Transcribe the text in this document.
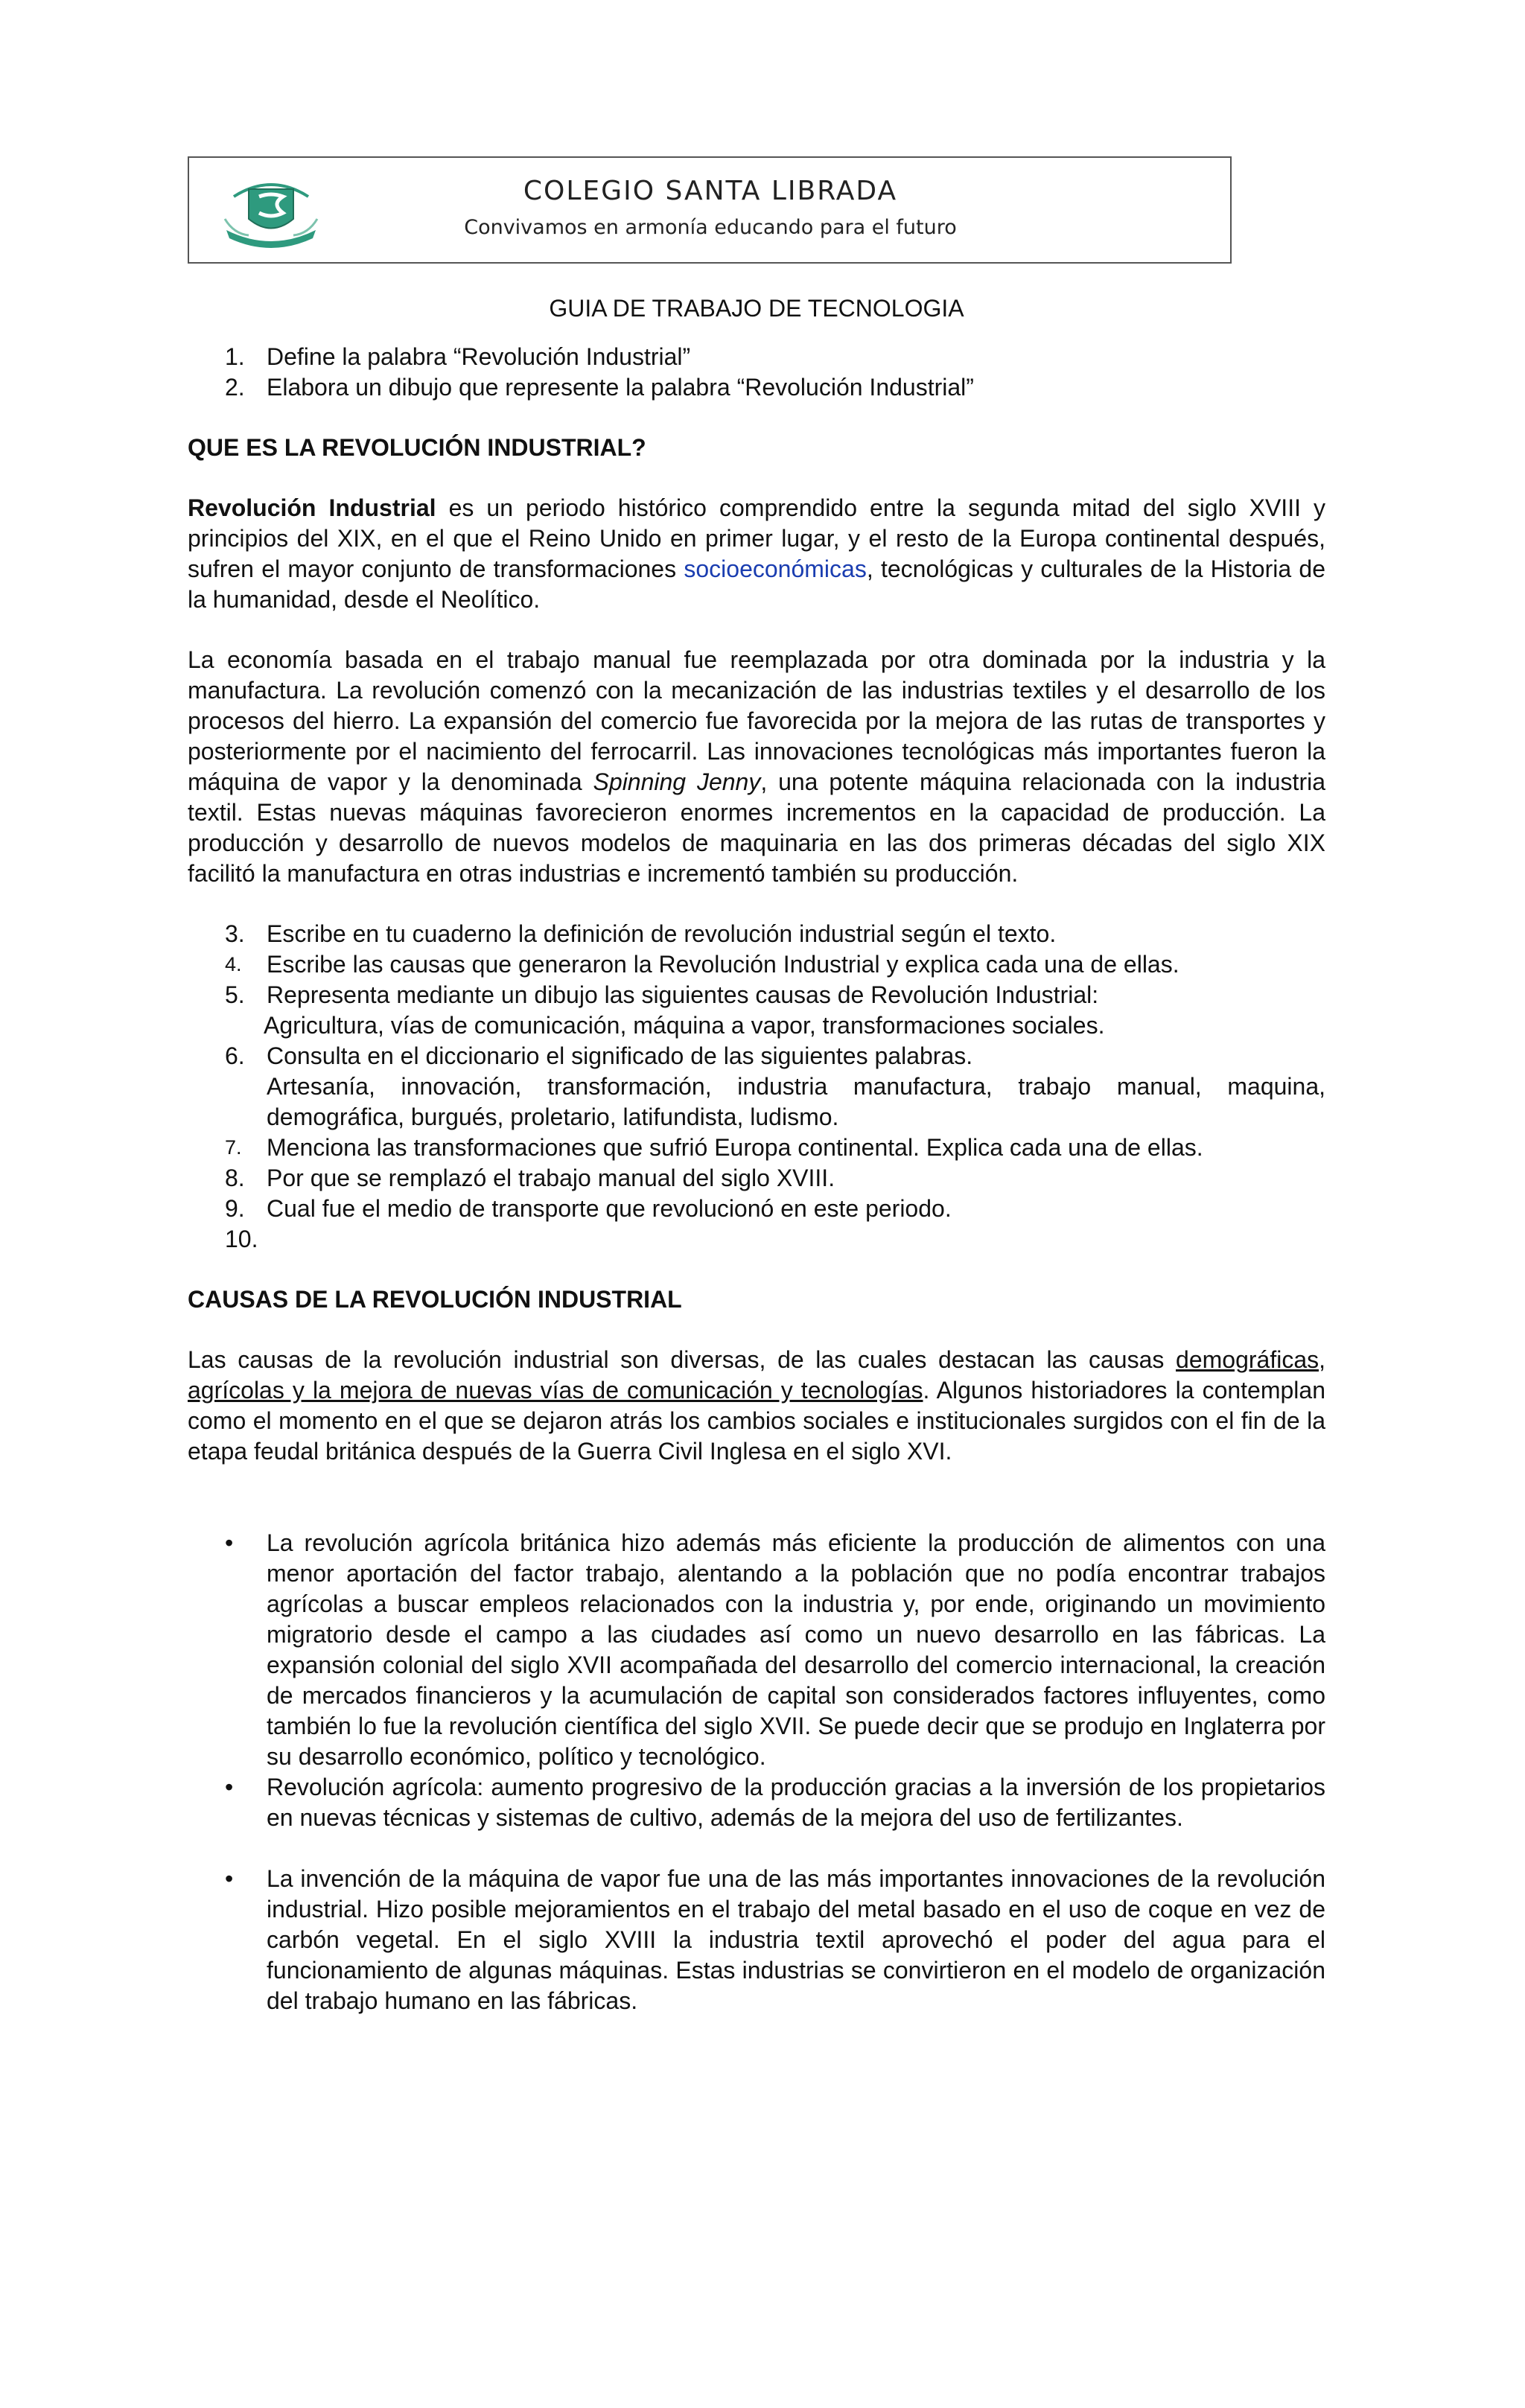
COLEGIO SANTA LIBRADA
Convivamos en armonía educando para el futuro
GUIA DE TRABAJO DE TECNOLOGIA
1. Define la palabra “Revolución Industrial”
2. Elabora un dibujo que represente la palabra “Revolución Industrial”
QUE ES LA REVOLUCIÓN INDUSTRIAL?

Revolución Industrial es un periodo histórico comprendido entre la segunda mitad del siglo XVIII y principios del XIX, en el que el Reino Unido en primer lugar, y el resto de la Europa continental después, sufren el mayor conjunto de transformaciones socioeconómicas, tecnológicas y culturales de la Historia de la humanidad, desde el Neolítico.

La economía basada en el trabajo manual fue reemplazada por otra dominada por la industria y la manufactura. La revolución comenzó con la mecanización de las industrias textiles y el desarrollo de los procesos del hierro. La expansión del comercio fue favorecida por la mejora de las rutas de transportes y posteriormente por el nacimiento del ferrocarril. Las innovaciones tecnológicas más importantes fueron la máquina de vapor y la denominada Spinning Jenny, una potente máquina relacionada con la industria textil. Estas nuevas máquinas favorecieron enormes incrementos en la capacidad de producción. La producción y desarrollo de nuevos modelos de maquinaria en las dos primeras décadas del siglo XIX facilitó la manufactura en otras industrias e incrementó también su producción.

3. Escribe en tu cuaderno la definición de revolución industrial según el texto.
4. Escribe las causas que generaron la Revolución Industrial y explica cada una de ellas.
5. Representa mediante un dibujo las siguientes causas de Revolución Industrial:
Agricultura, vías de comunicación, máquina a vapor, transformaciones sociales.
6. Consulta en el diccionario el significado de las siguientes palabras.
Artesanía, innovación, transformación, industria manufactura, trabajo manual, maquina, demográfica, burgués, proletario, latifundista, ludismo.
7. Menciona las transformaciones que sufrió Europa continental. Explica cada una de ellas.
8. Por que se remplazó el trabajo manual del siglo XVIII.
9. Cual fue el medio de transporte que revolucionó en este periodo.
10.
CAUSAS DE LA REVOLUCIÓN INDUSTRIAL

Las causas de la revolución industrial son diversas, de las cuales destacan las causas demográficas, agrícolas y la mejora de nuevas vías de comunicación y tecnologías. Algunos historiadores la contemplan como el momento en el que se dejaron atrás los cambios sociales e institucionales surgidos con el fin de la etapa feudal británica después de la Guerra Civil Inglesa en el siglo XVI.

• La revolución agrícola británica hizo además más eficiente la producción de alimentos con una menor aportación del factor trabajo, alentando a la población que no podía encontrar trabajos agrícolas a buscar empleos relacionados con la industria y, por ende, originando un movimiento migratorio desde el campo a las ciudades así como un nuevo desarrollo en las fábricas. La expansión colonial del siglo XVII acompañada del desarrollo del comercio internacional, la creación de mercados financieros y la acumulación de capital son considerados factores influyentes, como también lo fue la revolución científica del siglo XVII. Se puede decir que se produjo en Inglaterra por su desarrollo económico, político y tecnológico.
• Revolución agrícola: aumento progresivo de la producción gracias a la inversión de los propietarios en nuevas técnicas y sistemas de cultivo, además de la mejora del uso de fertilizantes.
• La invención de la máquina de vapor fue una de las más importantes innovaciones de la revolución industrial. Hizo posible mejoramientos en el trabajo del metal basado en el uso de coque en vez de carbón vegetal. En el siglo XVIII la industria textil aprovechó el poder del agua para el funcionamiento de algunas máquinas. Estas industrias se convirtieron en el modelo de organización del trabajo humano en las fábricas.
